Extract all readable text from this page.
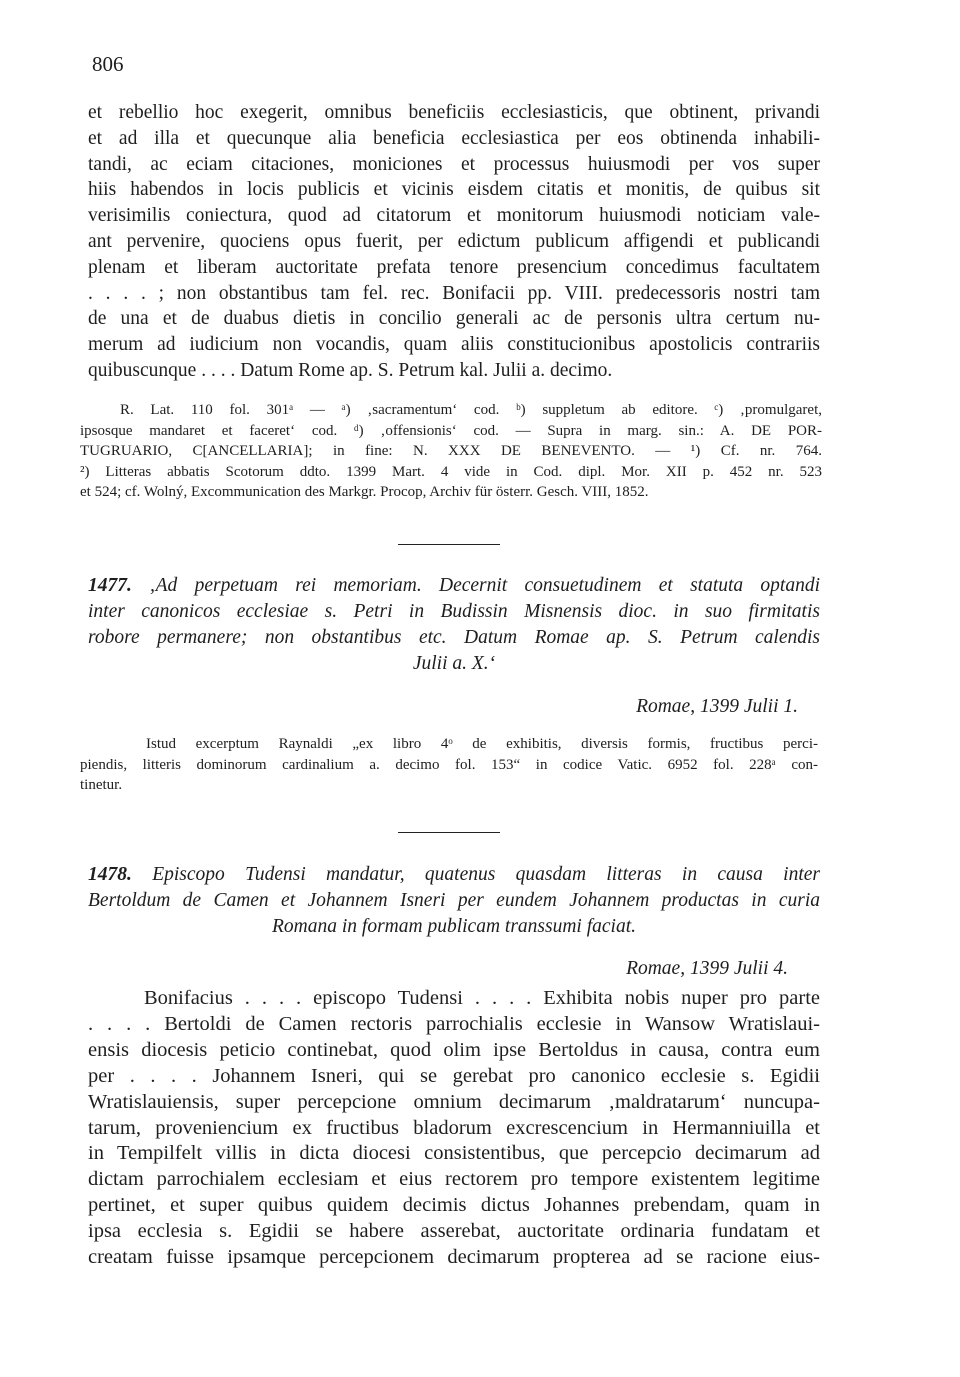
806
et rebellio hoc exegerit, omnibus beneficiis ecclesiasticis, que obtinent, privandi
et ad illa et quecunque alia beneficia ecclesiastica per eos obtinenda inhabili-
tandi, ac eciam citaciones, moniciones et processus huiusmodi per vos super
hiis habendos in locis publicis et vicinis eisdem citatis et monitis, de quibus sit
verisimilis coniectura, quod ad citatorum et monitorum huiusmodi noticiam vale-
ant pervenire, quociens opus fuerit, per edictum publicum affigendi et publicandi
plenam et liberam auctoritate prefata tenore presencium concedimus facultatem
. . . . ; non obstantibus tam fel. rec. Bonifacii pp. VIII. predecessoris nostri tam
de una et de duabus dietis in concilio generali ac de personis ultra certum nu-
merum ad iudicium non vocandis, quam aliis constitucionibus apostolicis contrariis
quibuscunque . . . . Datum Rome ap. S. Petrum kal. Julii a. decimo.
R. Lat. 110 fol. 301ᵃ — ᵃ) ‚sacramentum‘ cod. ᵇ) suppletum ab editore. ᶜ) ‚promulgaret,
ipsosque mandaret et faceret‘ cod. ᵈ) ‚offensionis‘ cod. — Supra in marg. sin.: A. DE POR-
TUGRUARIO, C[ANCELLARIA]; in fine: N. XXX DE BENEVENTO. — ¹) Cf. nr. 764.
²) Litteras abbatis Scotorum ddto. 1399 Mart. 4 vide in Cod. dipl. Mor. XII p. 452 nr. 523
et 524; cf. Wolný, Excommunication des Markgr. Procop, Archiv für österr. Gesch. VIII, 1852.
1477. ‚Ad perpetuam rei memoriam. Decernit consuetudinem et statuta optandi
inter canonicos ecclesiae s. Petri in Budissin Misnensis dioc. in suo firmitatis
robore permanere; non obstantibus etc. Datum Romae ap. S. Petrum calendis
Julii a. X.‘
Romae, 1399 Julii 1.
Istud excerptum Raynaldi „ex libro 4ᵒ de exhibitis, diversis formis, fructibus perci-
piendis, litteris dominorum cardinalium a. decimo fol. 153“ in codice Vatic. 6952 fol. 228ᵃ con-
tinetur.
1478. Episcopo Tudensi mandatur, quatenus quasdam litteras in causa inter
Bertoldum de Camen et Johannem Isneri per eundem Johannem productas in curia
Romana in formam publicam transsumi faciat.
Romae, 1399 Julii 4.
Bonifacius . . . . episcopo Tudensi . . . . Exhibita nobis nuper pro parte
. . . . Bertoldi de Camen rectoris parrochialis ecclesie in Wansow Wratislaui-
ensis diocesis peticio continebat, quod olim ipse Bertoldus in causa, contra eum
per . . . . Johannem Isneri, qui se gerebat pro canonico ecclesie s. Egidii
Wratislauiensis, super percepcione omnium decimarum ‚maldratarum‘ nuncupa-
tarum, proveniencium ex fructibus bladorum excrescencium in Hermanniuilla et
in Tempilfelt villis in dicta diocesi consistentibus, que percepcio decimarum ad
dictam parrochialem ecclesiam et eius rectorem pro tempore existentem legitime
pertinet, et super quibus quidem decimis dictus Johannes prebendam, quam in
ipsa ecclesia s. Egidii se habere asserebat, auctoritate ordinaria fundatam et
creatam fuisse ipsamque percepcionem decimarum propterea ad se racione eius-
